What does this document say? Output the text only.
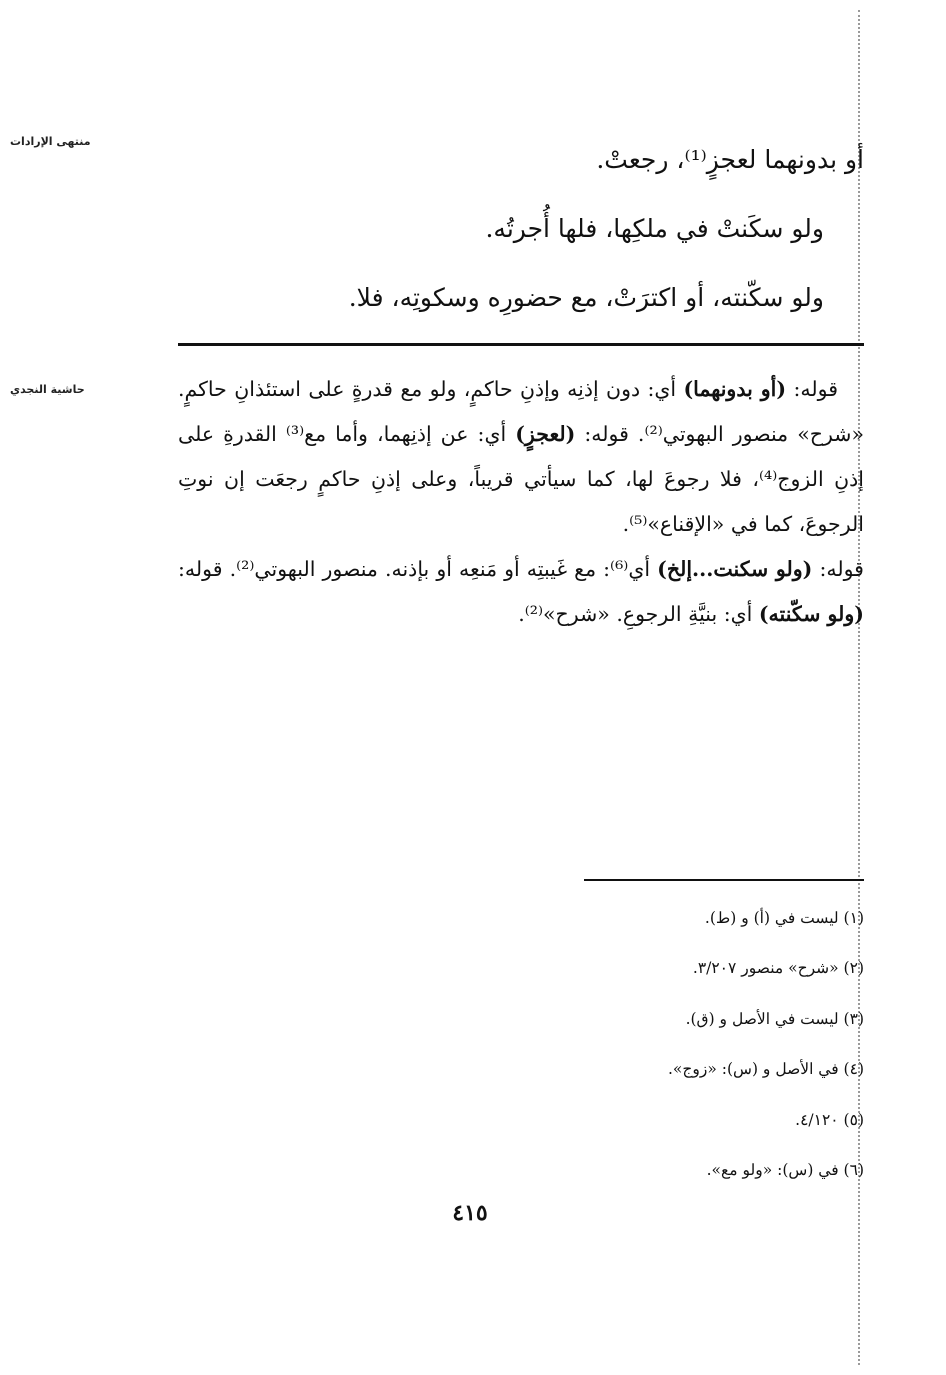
منتهى الإرادات
حاشية النجدي
أو بدونهما لعجزٍ⁽¹⁾، رجعتْ.
ولو سكَنتْ في ملكِها، فلها أُجرتُه.
ولو سكّنته، أو اكترَتْ، مع حضورِه وسكوتِه، فلا.

قوله: (أو بدونهما) أي: دون إذنِه وإذنِ حاكمٍ، ولو مع قدرةٍ على استئذانِ حاكمٍ. «شرح» منصور البهوتي⁽²⁾. قوله: (لعجزٍ) أي: عن إذنِهما، وأما مع⁽³⁾ القدرةِ على إذنِ الزوج⁽⁴⁾، فلا رجوعَ لها، كما سيأتي قريباً، وعلى إذنِ حاكمٍ رجعَت إن نوتِ الرجوعَ، كما في «الإقناع»⁽⁵⁾.

قوله: (ولو سكنت...إلخ) أي⁽⁶⁾: مع غَيبتِه أو مَنعِه أو بإذنه. منصور البهوتي⁽²⁾. قوله: (ولو سكّنته) أي: بنيَّةِ الرجوعِ. «شرح»⁽²⁾.

(١) ليست في (أ) و (ط).
(٢) «شرح» منصور ٣/٢٠٧.
(٣) ليست في الأصل و (ق).
(٤) في الأصل و (س): «زوج».
(٥) ٤/١٢٠.
(٦) في (س): «ولو مع».
٤١٥
